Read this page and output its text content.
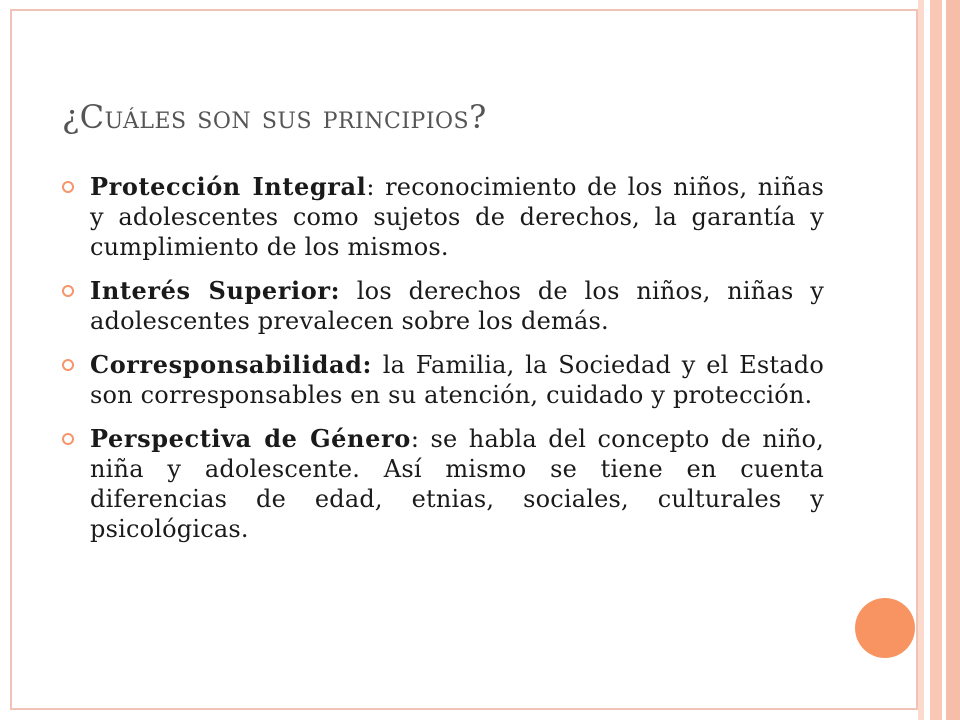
¿Cuáles son sus principios?
Protección Integral: reconocimiento de los niños, niñas y adolescentes como sujetos de derechos, la garantía y cumplimiento de los mismos.
Interés Superior: los derechos de los niños, niñas y adolescentes prevalecen sobre los demás.
Corresponsabilidad: la Familia, la Sociedad y el Estado son corresponsables en su atención, cuidado y protección.
Perspectiva de Género: se habla del concepto de niño, niña y adolescente. Así mismo se tiene en cuenta diferencias de edad, etnias, sociales, culturales y psicológicas.
